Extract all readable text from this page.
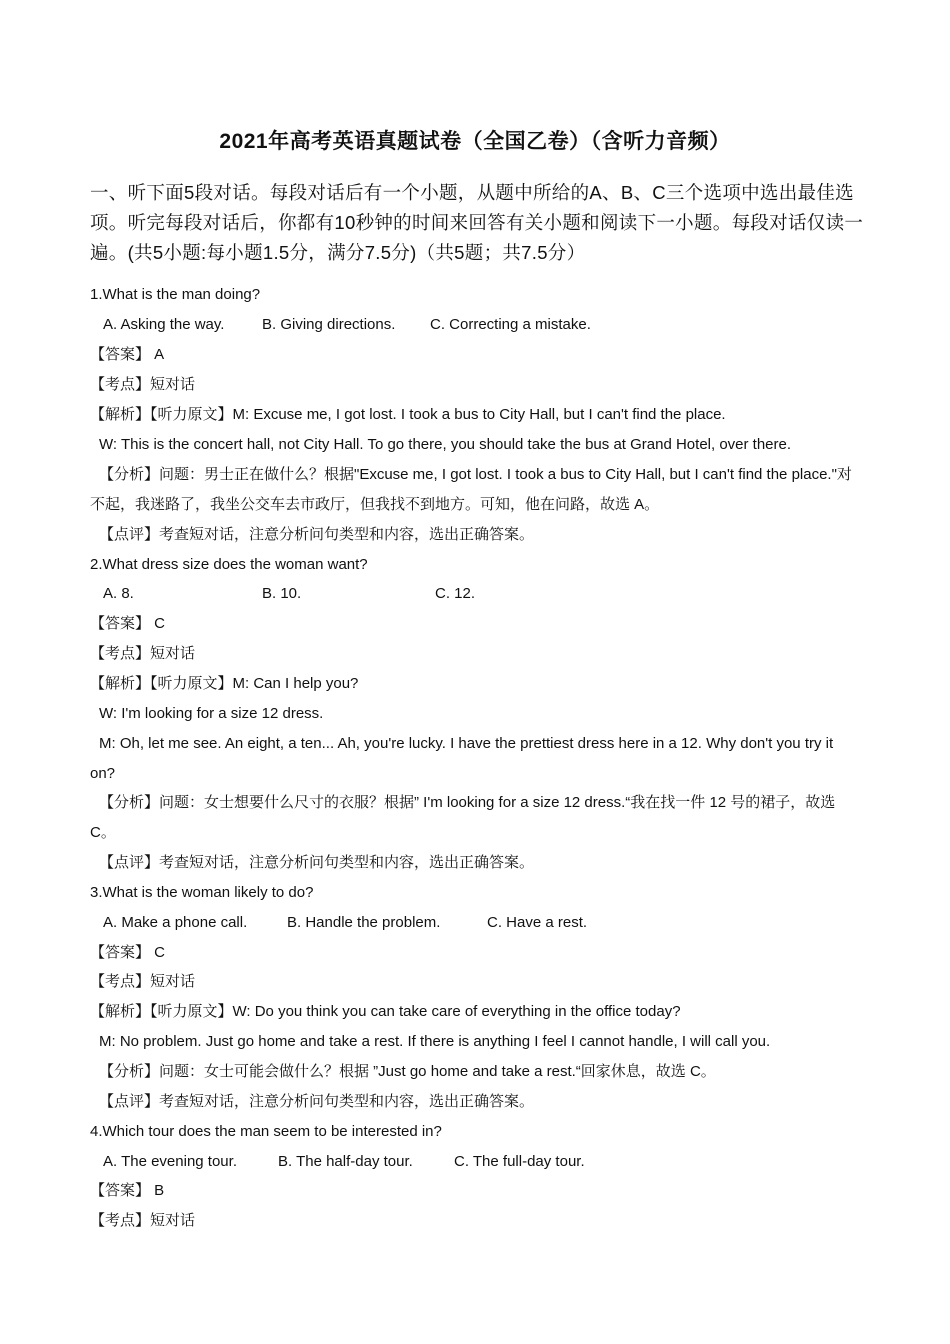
2021年高考英语真题试卷（全国乙卷）（含听力音频）
一、听下面5段对话。每段对话后有一个小题，从题中所给的A、B、C三个选项中选出最佳选项。听完每段对话后，你都有10秒钟的时间来回答有关小题和阅读下一小题。每段对话仅读一遍。(共5小题:每小题1.5分，满分7.5分)（共5题；共7.5分）
1.What is the man doing?
A. Asking the way.	B. Giving directions. C. Correcting a mistake.
【答案】 A
【考点】短对话
【解析】【听力原文】M: Excuse me, I got lost. I took a bus to City Hall, but I can't find the place.
W: This is the concert hall, not City Hall. To go there, you should take the bus at Grand Hotel, over there.
【分析】问题：男士正在做什么？根据"Excuse me, I got lost. I took a bus to City Hall, but I can't find the place."对不起，我迷路了，我坐公交车去市政厅，但我找不到地方。可知，他在问路，故选 A。
【点评】考查短对话，注意分析问句类型和内容，选出正确答案。
2.What dress size does the woman want?
A. 8.	B. 10.	C. 12.
【答案】 C
【考点】短对话
【解析】【听力原文】M: Can I help you?
W: I'm looking for a size 12 dress.
M: Oh, let me see. An eight, a ten... Ah, you're lucky. I have the prettiest dress here in a 12. Why don't you try it on?
【分析】问题：女士想要什么尺寸的衣服？根据” I'm looking for a size 12 dress.“我在找一件 12 号的裙子，故选 C。
【点评】考查短对话，注意分析问句类型和内容，选出正确答案。
3.What is the woman likely to do?
A. Make a phone call.	B. Handle the problem.	C. Have a rest.
【答案】 C
【考点】短对话
【解析】【听力原文】W: Do you think you can take care of everything in the office today?
M: No problem. Just go home and take a rest. If there is anything I feel I cannot handle, I will call you.
【分析】问题：女士可能会做什么？根据 ”Just go home and take a rest.“回家休息，故选 C。
【点评】考查短对话，注意分析问句类型和内容，选出正确答案。
4.Which tour does the man seem to be interested in?
A. The evening tour.	B. The half-day tour.	C. The full-day tour.
【答案】 B
【考点】短对话
